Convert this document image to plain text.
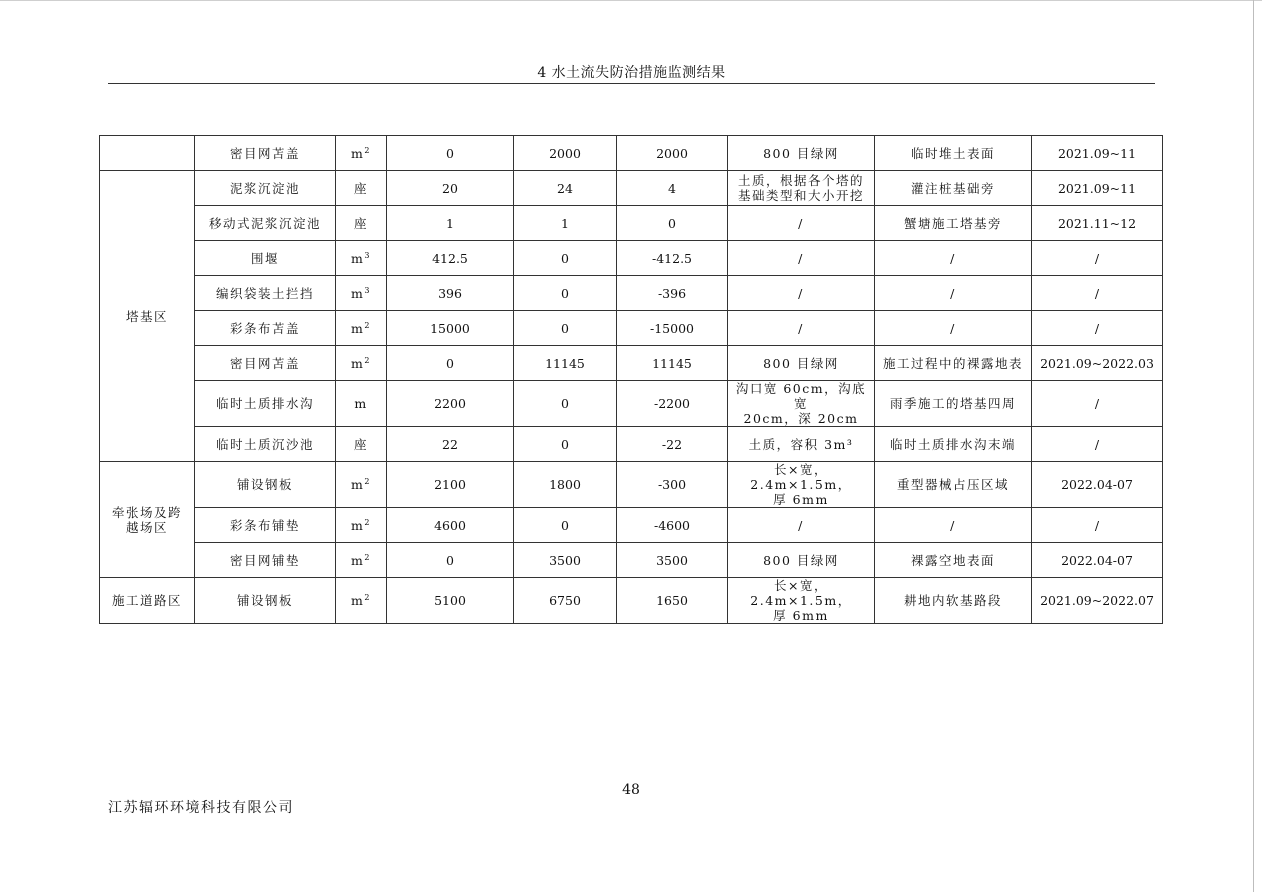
4 水土流失防治措施监测结果
	密目网苫盖	$m^2$	0	2000	2000	800 目绿网	临时堆土表面	2021.09~11
塔基区	泥浆沉淀池	座	20	24	4	土质，根据各个塔的
基础类型和大小开挖	灌注桩基础旁	2021.09~11
	移动式泥浆沉淀池	座	1	1	0	/	蟹塘施工塔基旁	2021.11~12
	围堰	$m^3$	412.5	0	-412.5	/	/	/
	编织袋装土拦挡	$m^3$	396	0	-396	/	/	/
	彩条布苫盖	$m^2$	15000	0	-15000	/	/	/
	密目网苫盖	$m^2$	0	11145	11145	800 目绿网	施工过程中的裸露地表	2021.09~2022.03
	临时土质排水沟	m	2200	0	-2200	沟口宽 60cm，沟底宽
20cm，深 20cm	雨季施工的塔基四周	/
	临时土质沉沙池	座	22	0	-22	土质，容积 3m³	临时土质排水沟末端	/
牵张场及跨
越场区	铺设钢板	$m^2$	2100	1800	-300	长×宽，2.4m×1.5m，
厚 6mm	重型器械占压区域	2022.04-07
	彩条布铺垫	$m^2$	4600	0	-4600	/	/	/
	密目网铺垫	$m^2$	0	3500	3500	800 目绿网	裸露空地表面	2022.04-07
施工道路区	铺设钢板	$m^2$	5100	6750	1650	长×宽，2.4m×1.5m，
厚 6mm	耕地内软基路段	2021.09~2022.07
48
江苏辐环环境科技有限公司
